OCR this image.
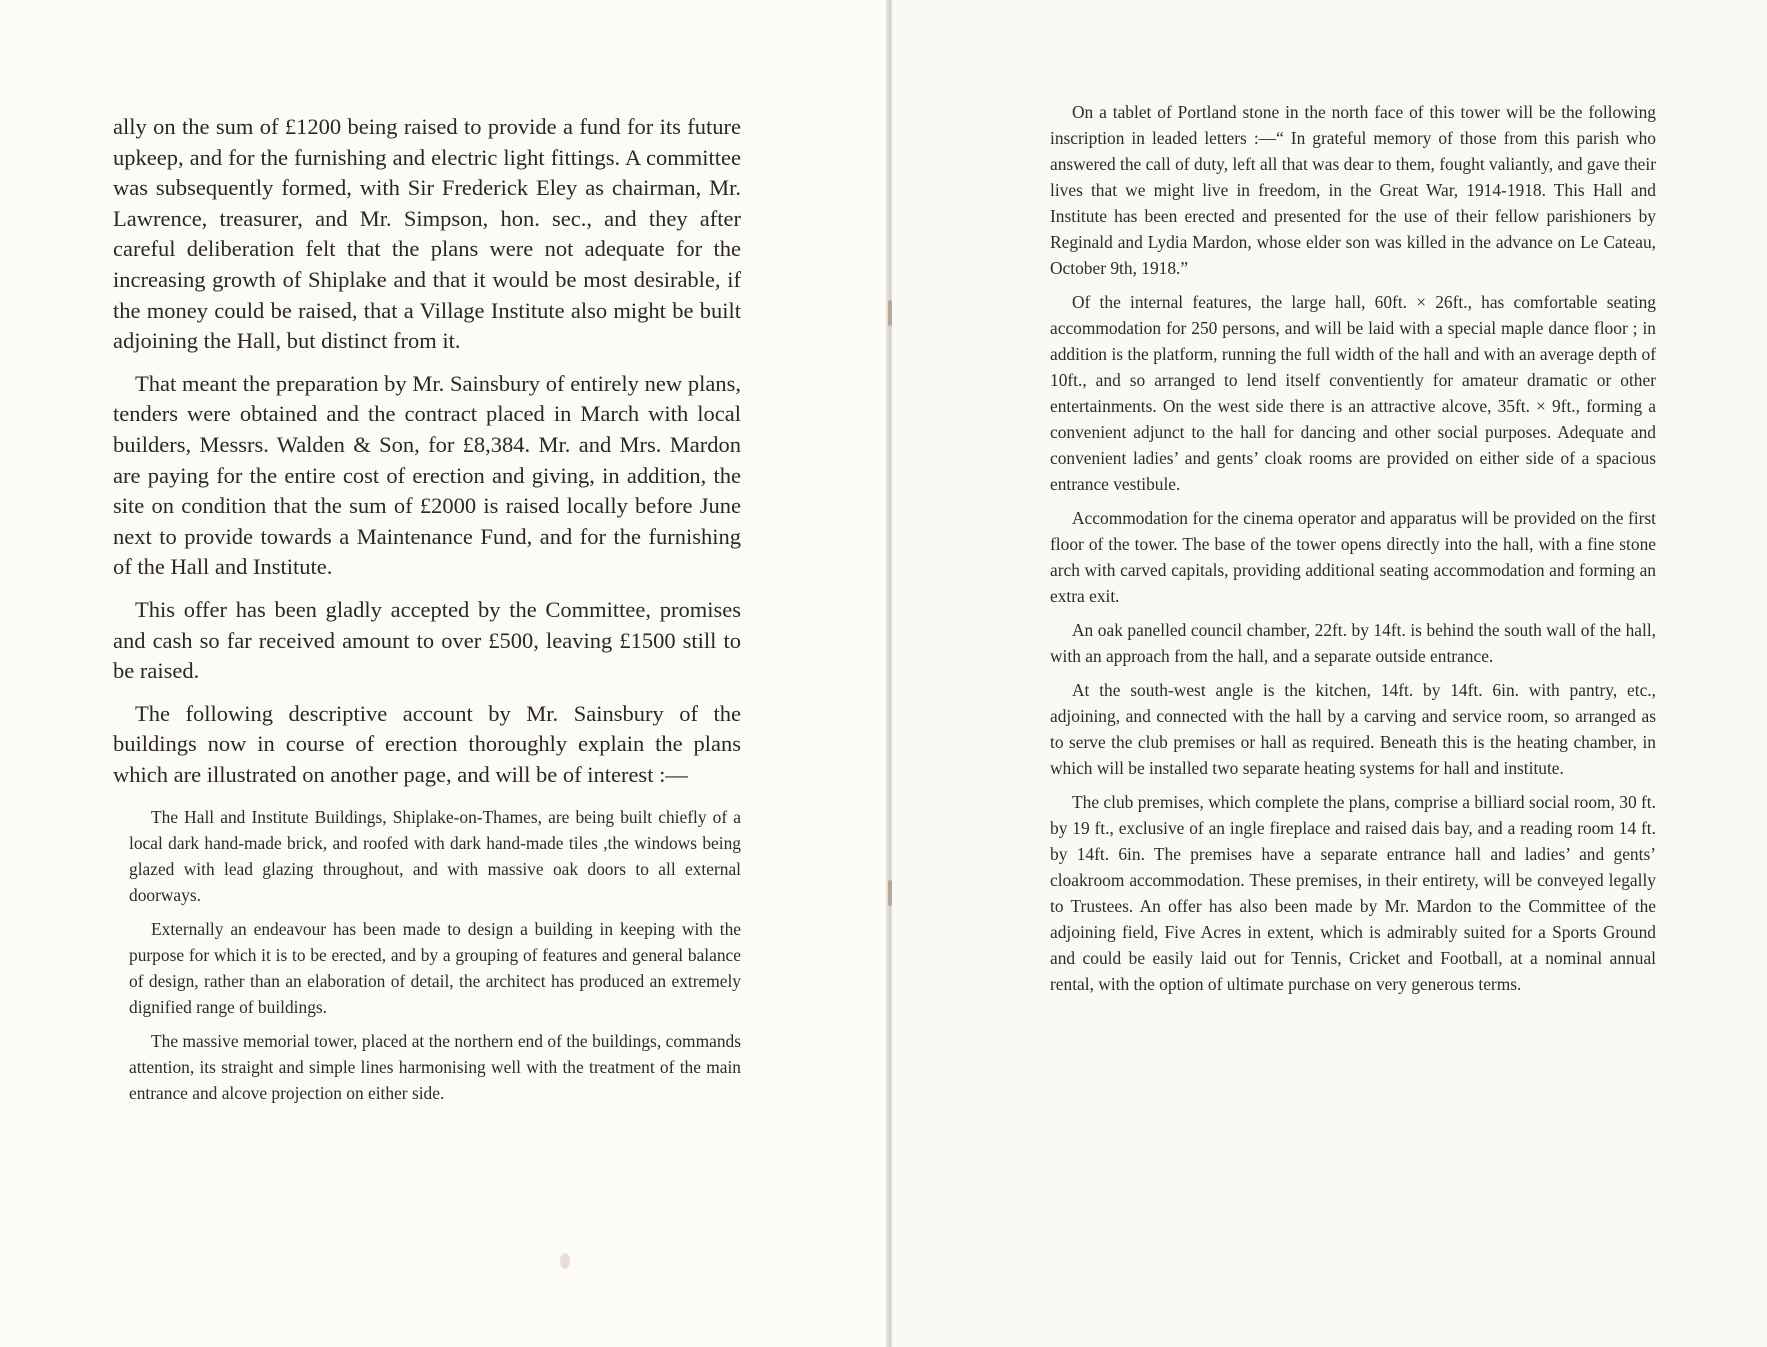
ally on the sum of £1200 being raised to provide a fund for its future upkeep, and for the furnishing and electric light fittings. A committee was subsequently formed, with Sir Frederick Eley as chairman, Mr. Lawrence, treasurer, and Mr. Simpson, hon. sec., and they after careful deliberation felt that the plans were not adequate for the increasing growth of Shiplake and that it would be most desirable, if the money could be raised, that a Village Institute also might be built adjoining the Hall, but distinct from it.

That meant the preparation by Mr. Sainsbury of entirely new plans, tenders were obtained and the contract placed in March with local builders, Messrs. Walden & Son, for £8,384. Mr. and Mrs. Mardon are paying for the entire cost of erection and giving, in addition, the site on condition that the sum of £2000 is raised locally before June next to provide towards a Maintenance Fund, and for the furnishing of the Hall and Institute.

This offer has been gladly accepted by the Committee, promises and cash so far received amount to over £500, leaving £1500 still to be raised.

The following descriptive account by Mr. Sainsbury of the buildings now in course of erection thoroughly explain the plans which are illustrated on another page, and will be of interest :—

The Hall and Institute Buildings, Shiplake-on-Thames, are being built chiefly of a local dark hand-made brick, and roofed with dark hand-made tiles ,the windows being glazed with lead glazing throughout, and with massive oak doors to all external doorways.

Externally an endeavour has been made to design a building in keeping with the purpose for which it is to be erected, and by a grouping of features and general balance of design, rather than an elaboration of detail, the architect has produced an extremely dignified range of buildings.

The massive memorial tower, placed at the northern end of the buildings, commands attention, its straight and simple lines harmonising well with the treatment of the main entrance and alcove projection on either side.

On a tablet of Portland stone in the north face of this tower will be the following inscription in leaded letters :—“ In grateful memory of those from this parish who answered the call of duty, left all that was dear to them, fought valiantly, and gave their lives that we might live in freedom, in the Great War, 1914-1918. This Hall and Institute has been erected and presented for the use of their fellow parishioners by Reginald and Lydia Mardon, whose elder son was killed in the advance on Le Cateau, October 9th, 1918.”

Of the internal features, the large hall, 60ft. × 26ft., has comfortable seating accommodation for 250 persons, and will be laid with a special maple dance floor ; in addition is the platform, running the full width of the hall and with an average depth of 10ft., and so arranged to lend itself conventiently for amateur dramatic or other entertainments. On the west side there is an attractive alcove, 35ft. × 9ft., forming a convenient adjunct to the hall for dancing and other social purposes. Adequate and convenient ladies’ and gents’ cloak rooms are provided on either side of a spacious entrance vestibule.

Accommodation for the cinema operator and apparatus will be provided on the first floor of the tower. The base of the tower opens directly into the hall, with a fine stone arch with carved capitals, providing additional seating accommodation and forming an extra exit.

An oak panelled council chamber, 22ft. by 14ft. is behind the south wall of the hall, with an approach from the hall, and a separate outside entrance.

At the south-west angle is the kitchen, 14ft. by 14ft. 6in. with pantry, etc., adjoining, and connected with the hall by a carving and service room, so arranged as to serve the club premises or hall as required. Beneath this is the heating chamber, in which will be installed two separate heating systems for hall and institute.

The club premises, which complete the plans, comprise a billiard social room, 30 ft. by 19 ft., exclusive of an ingle fireplace and raised dais bay, and a reading room 14 ft. by 14ft. 6in. The premises have a separate entrance hall and ladies’ and gents’ cloakroom accommodation. These premises, in their entirety, will be conveyed legally to Trustees. An offer has also been made by Mr. Mardon to the Committee of the adjoining field, Five Acres in extent, which is admirably suited for a Sports Ground and could be easily laid out for Tennis, Cricket and Football, at a nominal annual rental, with the option of ultimate purchase on very generous terms.
